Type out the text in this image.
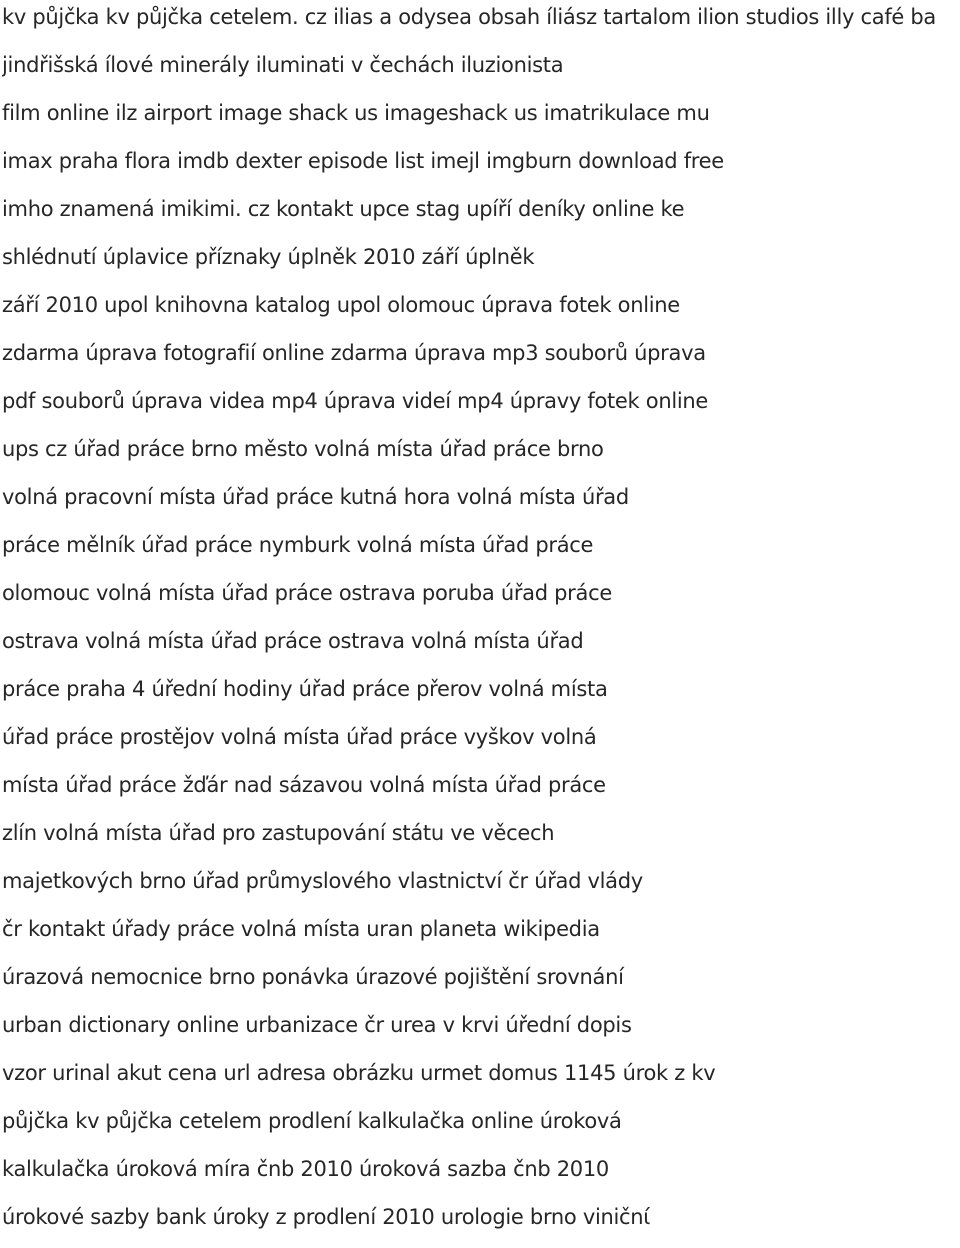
kv půjčka kv půjčka cetelem. cz ilias a odysea obsah íliász tartalom ilion studios illy café ba
jindřišská ílové minerály iluminati v čechách iluzionista
film online ilz airport image shack us imageshack us imatrikulace mu
imax praha flora imdb dexter episode list imejl imgburn download free
imho znamená imikimi. cz kontakt upce stag upíří deníky online ke
shlédnutí úplavice příznaky úplněk 2010 září úplněk
září 2010 upol knihovna katalog upol olomouc úprava fotek online
zdarma úprava fotografií online zdarma úprava mp3 souborů úprava
pdf souborů úprava videa mp4 úprava videí mp4 úpravy fotek online
ups cz úřad práce brno město volná místa úřad práce brno
volná pracovní místa úřad práce kutná hora volná místa úřad
práce mělník úřad práce nymburk volná místa úřad práce
olomouc volná místa úřad práce ostrava poruba úřad práce
ostrava volná místa úřad práce ostrava volná místa úřad
práce praha 4 úřední hodiny úřad práce přerov volná místa
úřad práce prostějov volná místa úřad práce vyškov volná
místa úřad práce žďár nad sázavou volná místa úřad práce
zlín volná místa úřad pro zastupování státu ve věcech
majetkových brno úřad průmyslového vlastnictví čr úřad vlády
čr kontakt úřady práce volná místa uran planeta wikipedia
úrazová nemocnice brno ponávka úrazové pojištění srovnání
urban dictionary online urbanizace čr urea v krvi úřední dopis
vzor urinal akut cena url adresa obrázku urmet domus 1145 úrok z kv
půjčka kv půjčka cetelem prodlení kalkulačka online úroková
kalkulačka úroková míra čnb 2010 úroková sazba čnb 2010
úrokové sazby bank úroky z prodlení 2010 urologie brno viničnί
